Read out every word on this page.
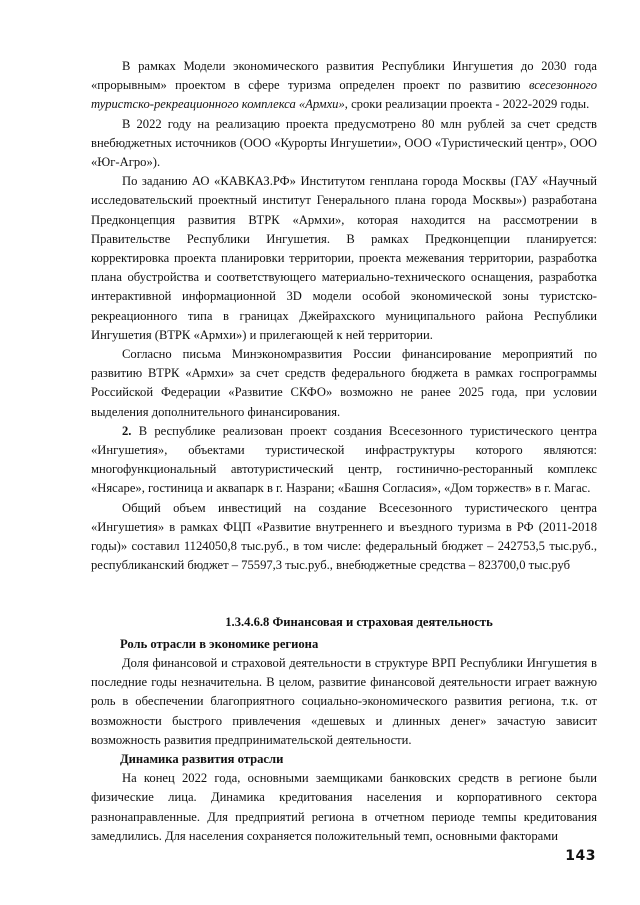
В рамках Модели экономического развития Республики Ингушетия до 2030 года «прорывным» проектом в сфере туризма определен проект по развитию всесезонного туристско-рекреационного комплекса «Армхи», сроки реализации проекта - 2022-2029 годы.

В 2022 году на реализацию проекта предусмотрено 80 млн рублей за счет средств внебюджетных источников (ООО «Курорты Ингушетии», ООО «Туристический центр», ООО «Юг-Агро»).

По заданию АО «КАВКАЗ.РФ» Институтом генплана города Москвы (ГАУ «Научный исследовательский проектный институт Генерального плана города Москвы») разработана Предконцепция развития ВТРК «Армхи», которая находится на рассмотрении в Правительстве Республики Ингушетия. В рамках Предконцепции планируется: корректировка проекта планировки территории, проекта межевания территории, разработка плана обустройства и соответствующего материально-технического оснащения, разработка интерактивной информационной 3D модели особой экономической зоны туристско-рекреационного типа в границах Джейрахского муниципального района Республики Ингушетия (ВТРК «Армхи») и прилегающей к ней территории.

Согласно письма Минэкономразвития России финансирование мероприятий по развитию ВТРК «Армхи» за счет средств федерального бюджета в рамках госпрограммы Российской Федерации «Развитие СКФО» возможно не ранее 2025 года, при условии выделения дополнительного финансирования.

2. В республике реализован проект создания Всесезонного туристического центра «Ингушетия», объектами туристической инфраструктуры которого являются: многофункциональный автотуристический центр, гостинично-ресторанный комплекс «Нясаре», гостиница и аквапарк в г. Назрани; «Башня Согласия», «Дом торжеств» в г. Магас.

Общий объем инвестиций на создание Всесезонного туристического центра «Ингушетия» в рамках ФЦП «Развитие внутреннего и въездного туризма в РФ (2011-2018 годы)» составил 1124050,8 тыс.руб., в том числе: федеральный бюджет – 242753,5 тыс.руб., республиканский бюджет – 75597,3 тыс.руб., внебюджетные средства – 823700,0 тыс.руб

1.3.4.6.8 Финансовая и страховая деятельность

Роль отрасли в экономике региона

Доля финансовой и страховой деятельности в структуре ВРП Республики Ингушетия в последние годы незначительна. В целом, развитие финансовой деятельности играет важную роль в обеспечении благоприятного социально-экономического развития региона, т.к. от возможности быстрого привлечения «дешевых и длинных денег» зачастую зависит возможность развития предпринимательской деятельности.

Динамика развития отрасли

На конец 2022 года, основными заемщиками банковских средств в регионе были физические лица. Динамика кредитования населения и корпоративного сектора разнонаправленные. Для предприятий региона в отчетном периоде темпы кредитования замедлились. Для населения сохраняется положительный темп, основными факторами

143
